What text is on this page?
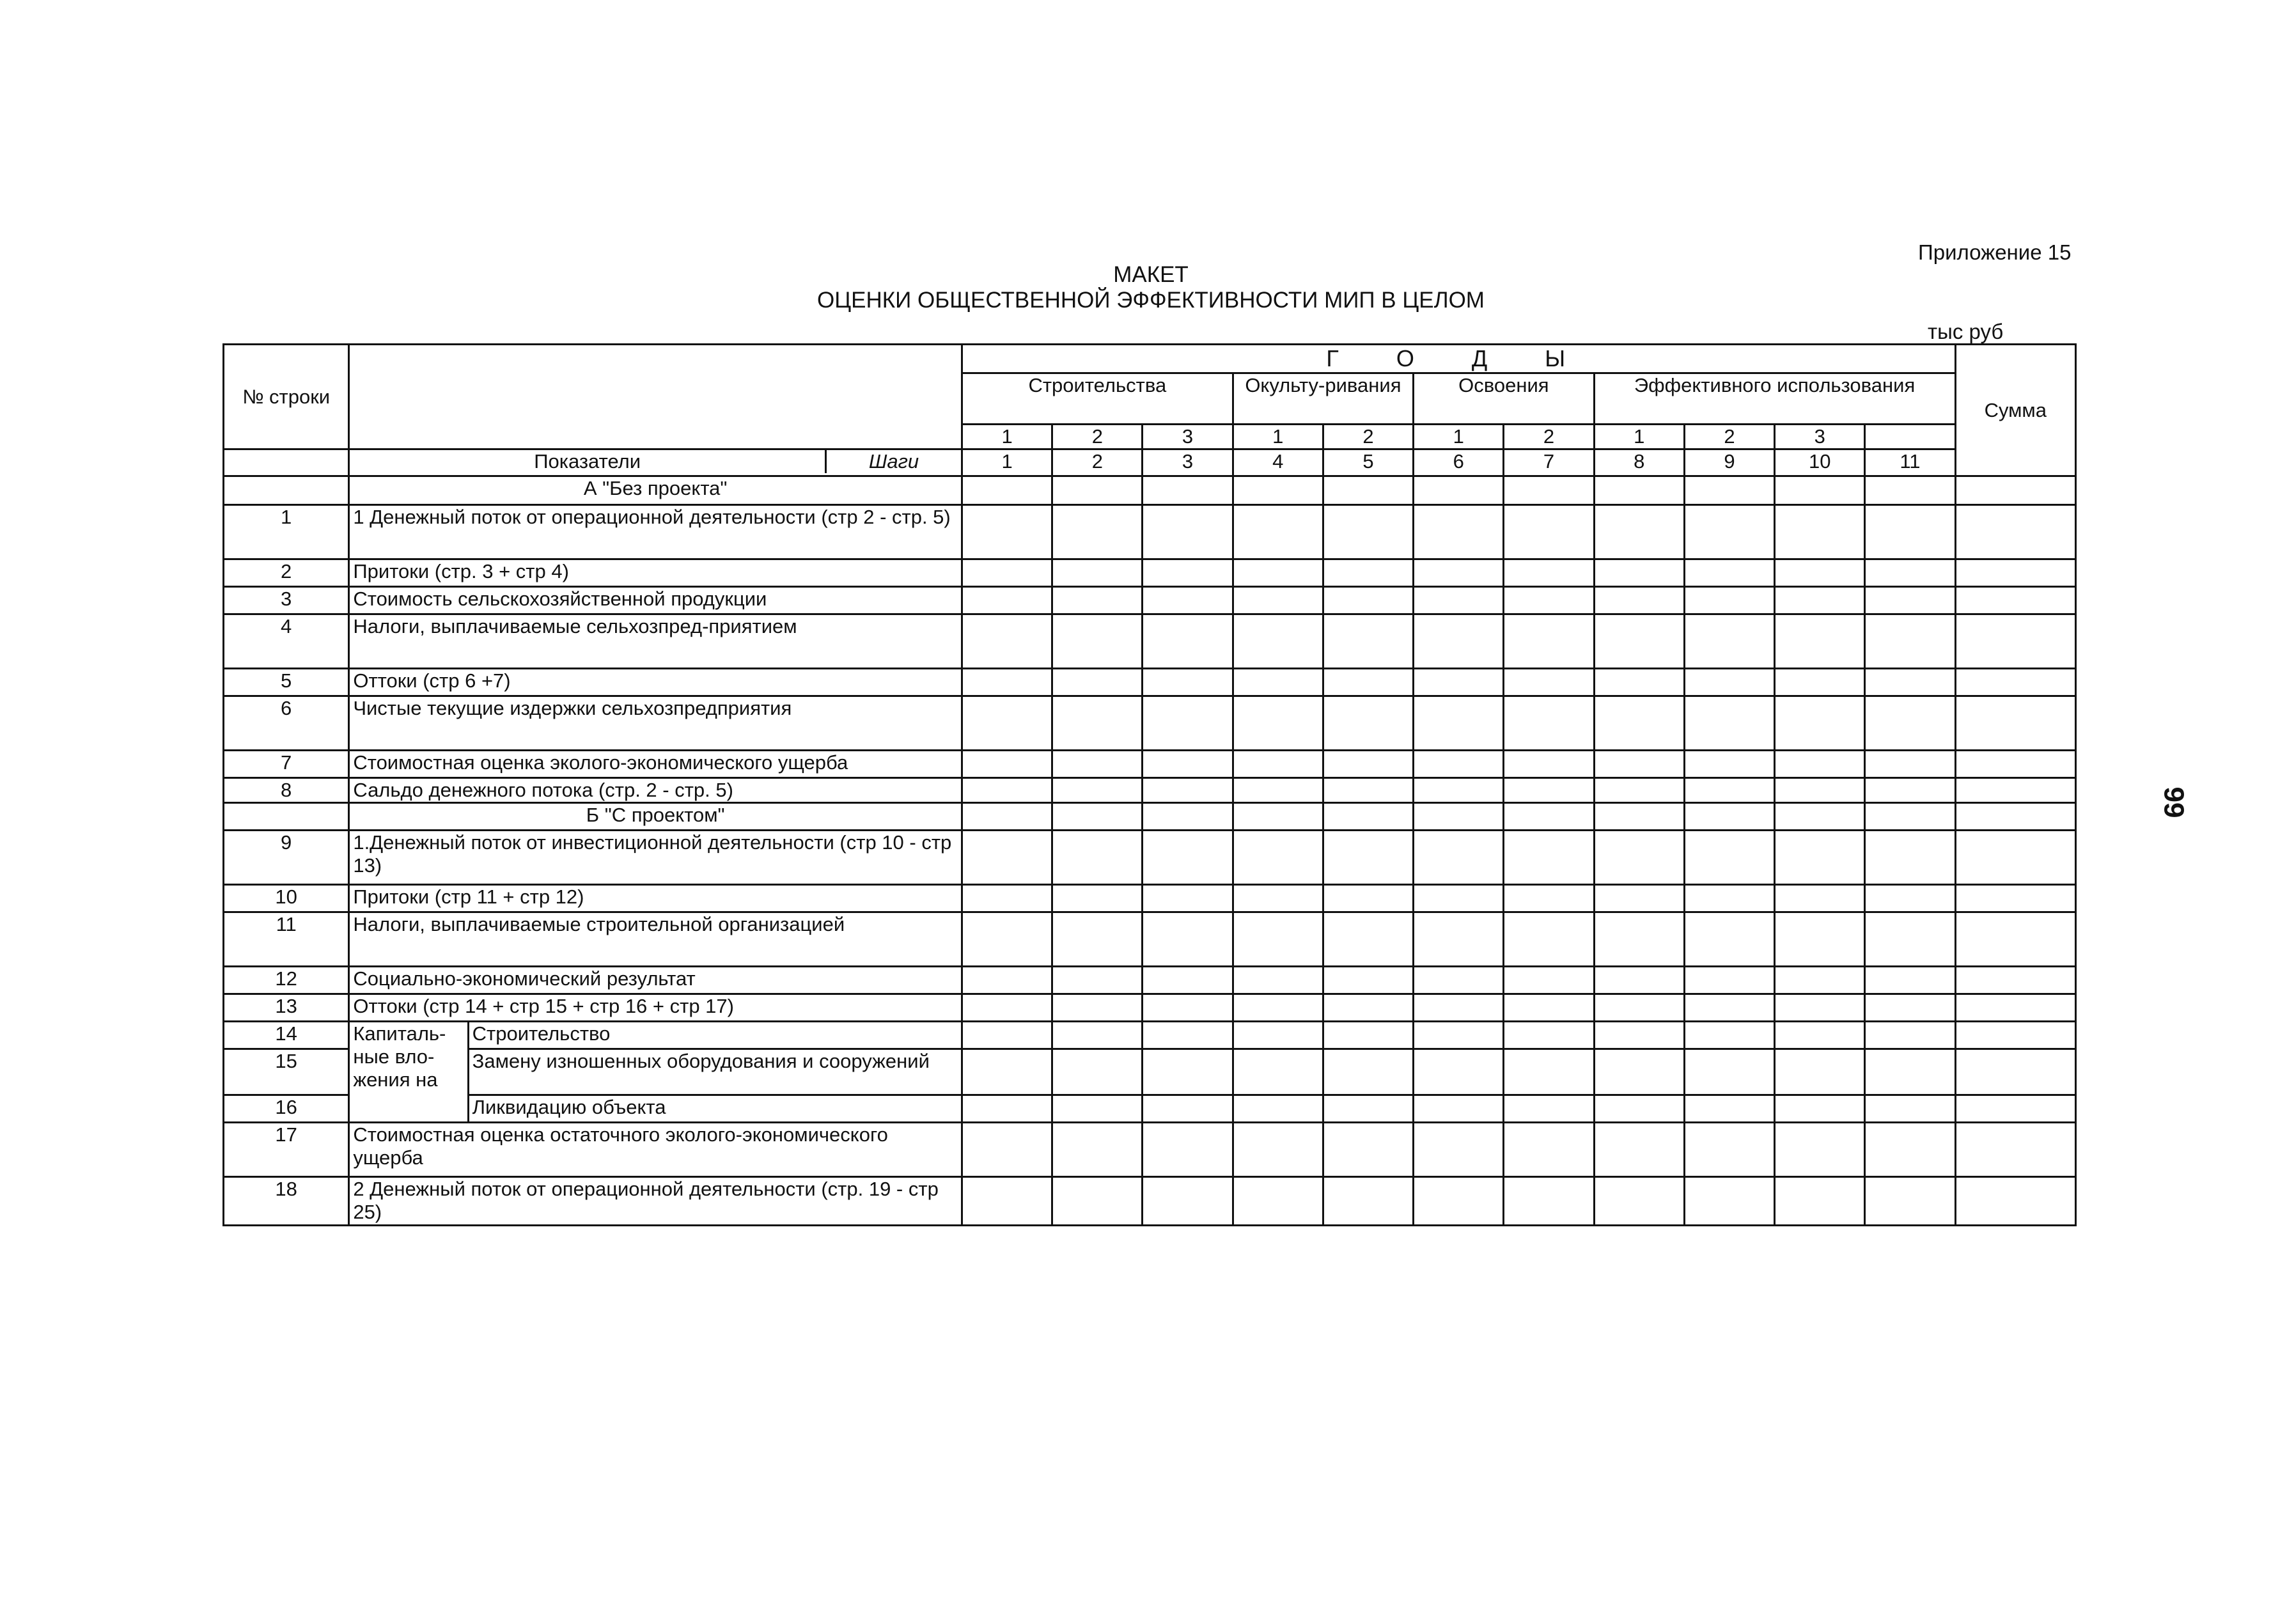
Приложение 15
МАКЕТ
ОЦЕНКИ ОБЩЕСТВЕННОЙ ЭФФЕКТИВНОСТИ МИП В ЦЕЛОМ
тыс руб
99
№ строки			Г О Д Ы											Сумма
			Строительства			Окульту-ривания		Освоения		Эффективного использования				
			1	2	3	1	2	1	2	1	2	3		

	Показатели Шаги		1	2	3	4	5	6	7	8	9	10	11	
	А "Без проекта"													
1	1 Денежный поток от операционной деятельности (стр 2 - стр. 5)													
2	Притоки (стр. 3 + стр 4)													
3	Стоимость сельскохозяйственной продукции													
4	Налоги, выплачиваемые сельхозпред-приятием													
5	Оттоки (стр 6 +7)													
6	Чистые текущие издержки сельхозпредприятия													
7	Стоимостная оценка эколого-экономического ущерба													
8	Сальдо денежного потока (стр. 2 - стр. 5)													
	Б "С проектом"													
9	1.Денежный поток от инвестиционной деятельности (стр 10 - стр 13)													
10	Притоки (стр 11 + стр 12)													
11	Налоги, выплачиваемые строительной организацией													
12	Социально-экономический результат													
13	Оттоки (стр 14 + стр 15 + стр 16 + стр 17)													
14	Капиталь-ные вло-жения на	Строительство												
15		Замену изношенных оборудования и сооружений												
16		Ликвидацию объекта												
17	Стоимостная оценка остаточного эколого-экономического ущерба													
18	2 Денежный поток от операционной деятельности (стр. 19 - стр 25)													
